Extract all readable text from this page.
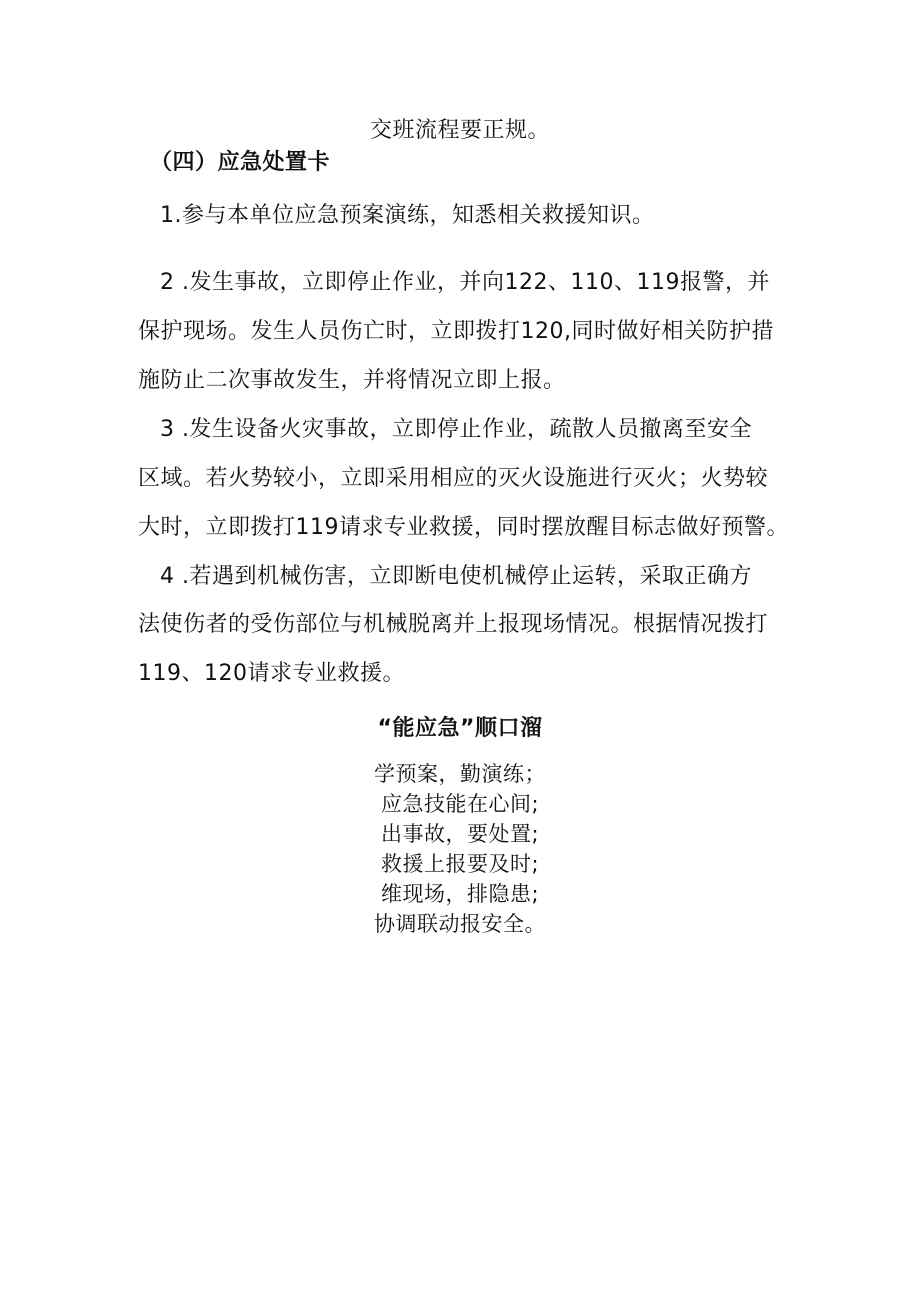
交班流程要正规。
（四）应急处置卡
1.参与本单位应急预案演练，知悉相关救援知识。
2 .发生事故，立即停止作业，并向122、110、119报警，并
保护现场。发生人员伤亡时，立即拨打120,同时做好相关防护措
施防止二次事故发生，并将情况立即上报。
3 .发生设备火灾事故，立即停止作业，疏散人员撤离至安全
区域。若火势较小，立即采用相应的灭火设施进行灭火；火势较
大时，立即拨打119请求专业救援，同时摆放醒目标志做好预警。
4 .若遇到机械伤害，立即断电使机械停止运转，采取正确方
法使伤者的受伤部位与机械脱离并上报现场情况。根据情况拨打
119、120请求专业救援。
“能应急”顺口溜
学预案，勤演练；
应急技能在心间;
出事故，要处置;
救援上报要及时;
维现场，排隐患;
协调联动报安全。
